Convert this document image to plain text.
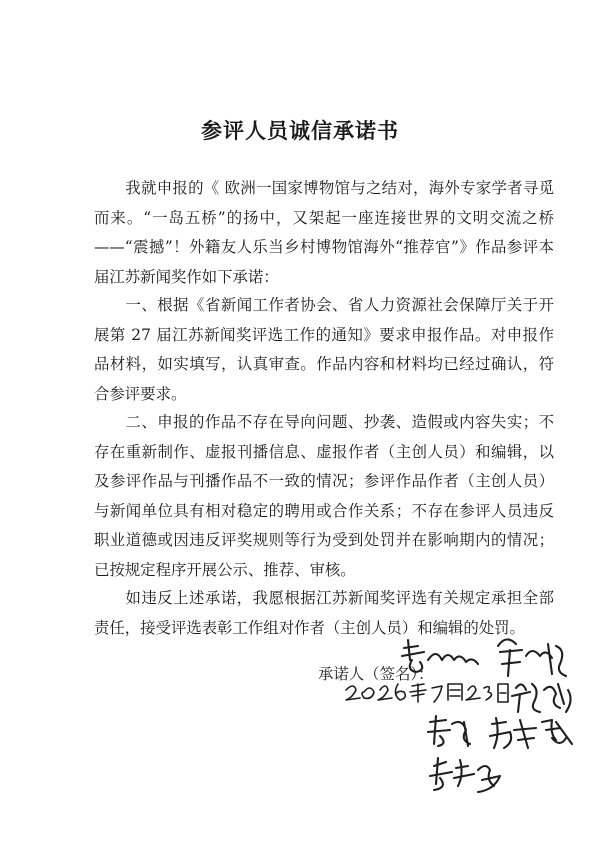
参评人员诚信承诺书
我就申报的《 欧洲一国家博物馆与之结对，海外专家学者寻觅而来。“一岛五桥”的扬中，又架起一座连接世界的文明交流之桥——“震撼”！外籍友人乐当乡村博物馆海外“推荐官”》作品参评本届江苏新闻奖作如下承诺：
一、根据《省新闻工作者协会、省人力资源社会保障厅关于开展第 27 届江苏新闻奖评选工作的通知》要求申报作品。对申报作品材料，如实填写，认真审查。作品内容和材料均已经过确认，符合参评要求。
二、申报的作品不存在导向问题、抄袭、造假或内容失实；不存在重新制作、虚报刊播信息、虚报作者（主创人员）和编辑，以及参评作品与刊播作品不一致的情况；参评作品作者（主创人员）与新闻单位具有相对稳定的聘用或合作关系；不存在参评人员违反职业道德或因违反评奖规则等行为受到处罚并在影响期内的情况；已按规定程序开展公示、推荐、审核。
如违反上述承诺，我愿根据江苏新闻奖评选有关规定承担全部责任，接受评选表彰工作组对作者（主创人员）和编辑的处罚。
承诺人（签名）：
